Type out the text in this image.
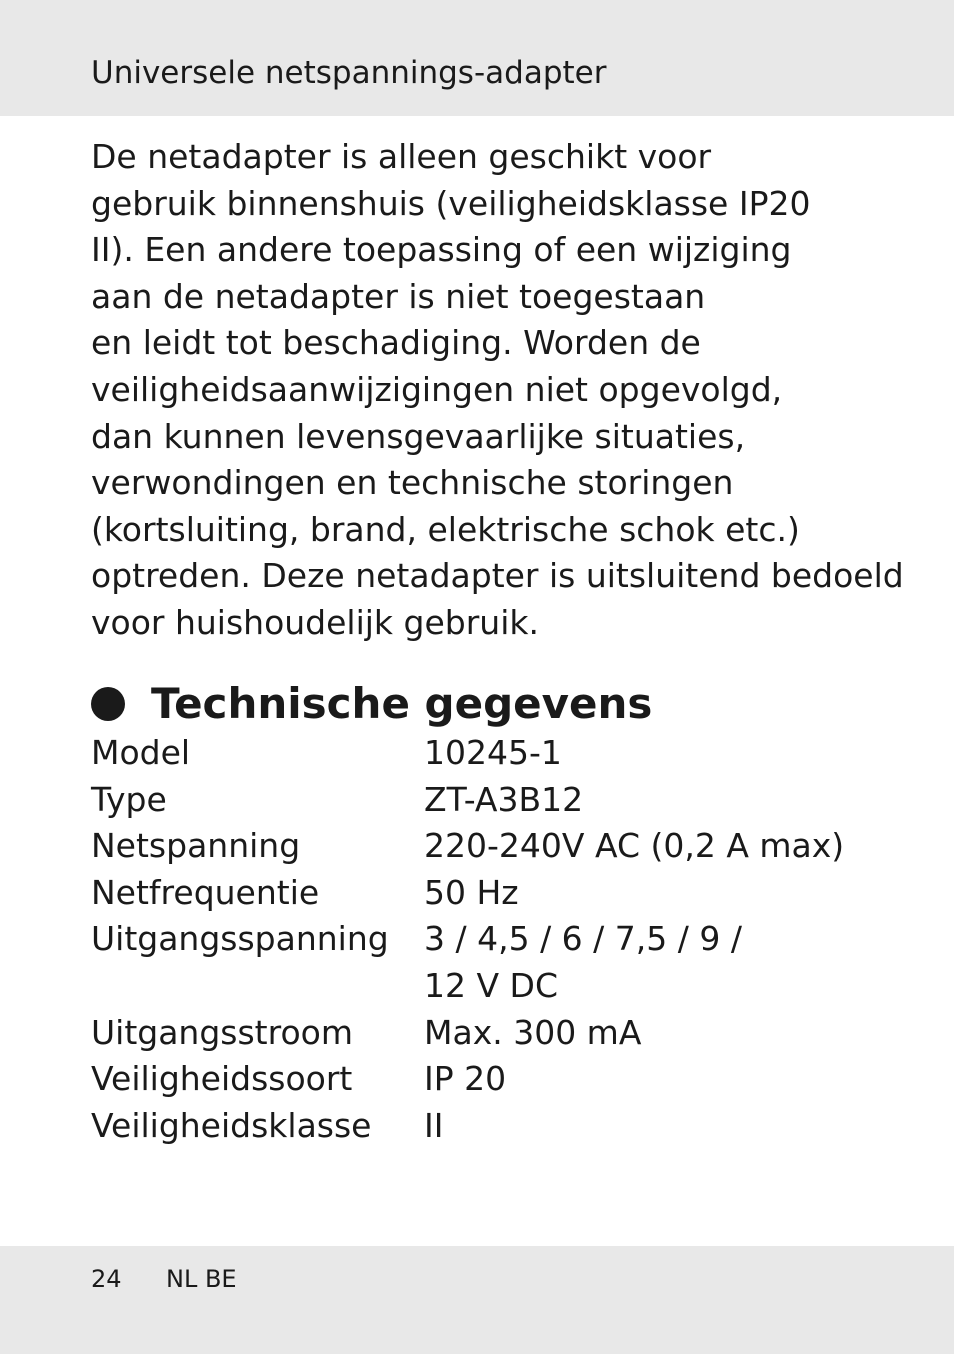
Universele netspannings-adapter
De netadapter is alleen geschikt voor
gebruik binnenshuis (veiligheidsklasse IP20
II). Een andere toepassing of een wijziging
aan de netadapter is niet toegestaan
en leidt tot beschadiging. Worden de
veiligheidsaanwijzigingen niet opgevolgd,
dan kunnen levensgevaarlijke situaties,
verwondingen en technische storingen
(kortsluiting, brand, elektrische schok etc.)
optreden. Deze netadapter is uitsluitend bedoeld
voor huishoudelijk gebruik.
Technische gegevens
Model	10245-1
Type	ZT-A3B12
Netspanning	220-240V AC (0,2 A max)
Netfrequentie	50 Hz
Uitgangsspanning	3 / 4,5 / 6 / 7,5 / 9 /
12 V DC
Uitgangsstroom	Max. 300 mA
Veiligheidssoort	IP 20
Veiligheidsklasse	II
24 NL BE
